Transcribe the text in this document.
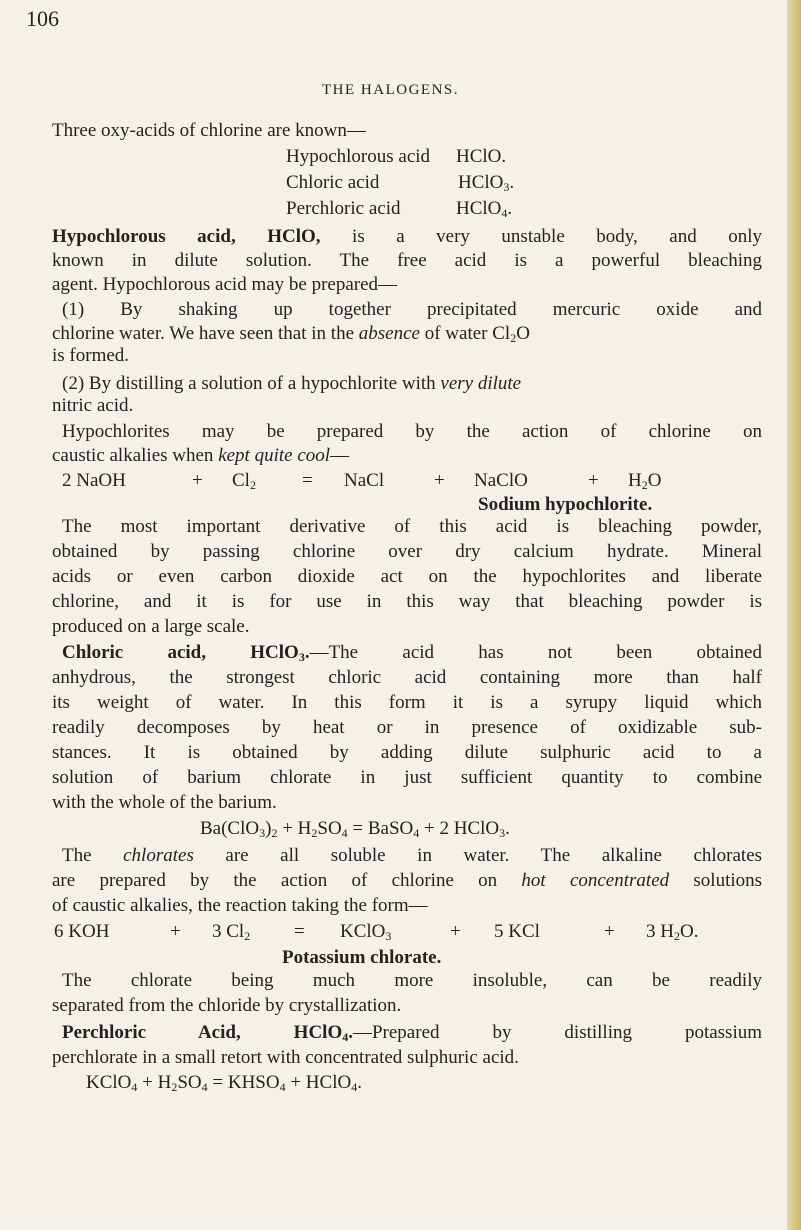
106
THE HALOGENS.
Three oxy-acids of chlorine are known—
Hypochlorous acid HClO.
Chloric acid	HClO$_3$.
Perchloric acid	HClO$_4$.
Hypochlorous acid, HClO, is a very unstable body, and only
known in dilute solution. The free acid is a powerful bleaching
agent. Hypochlorous acid may be prepared—
(1) By shaking up together precipitated mercuric oxide and
chlorine water. We have seen that in the absence of water $Cl_2O$
is formed.
(2) By distilling a solution of a hypochlorite with very dilute
nitric acid.
Hypochlorites may be prepared by the action of chlorine on
caustic alkalies when kept quite cool—
2 NaOH	+ $Cl_2$ = NaCl	+ NaClO	+ $H_2O$
Sodium hypochlorite.
The most important derivative of this acid is bleaching powder,
obtained by passing chlorine over dry calcium hydrate. Mineral
acids or even carbon dioxide act on the hypochlorites and liberate
chlorine, and it is for use in this way that bleaching powder is
produced on a large scale.
Chloric acid, HClO$_3$.—The acid has not been obtained
anhydrous, the strongest chloric acid containing more than half
its weight of water. In this form it is a syrupy liquid which
readily decomposes by heat or in presence of oxidizable sub-
stances. It is obtained by adding dilute sulphuric acid to a
solution of barium chlorate in just sufficient quantity to combine
with the whole of the barium.
$Ba(ClO_3)_2 + H_2SO_4$ = BaSO$_4$ + 2 HClO$_3$.
The chlorates are all soluble in water. The alkaline chlorates
are prepared by the action of chlorine on hot concentrated solutions
of caustic alkalies, the reaction taking the form—
6 KOH	+ 3 $Cl_2$ = KClO$_3$	+ 5 KCl	+ 3 $H_2O$.
Potassium chlorate.
The chlorate being much more insoluble, can be readily
separated from the chloride by crystallization.
Perchloric Acid, HClO$_4$.—Prepared by distilling potassium
perchlorate in a small retort with concentrated sulphuric acid.
KClO$_4$ + $H_2SO_4$ = $KHSO_4$ + HClO$_4$.
